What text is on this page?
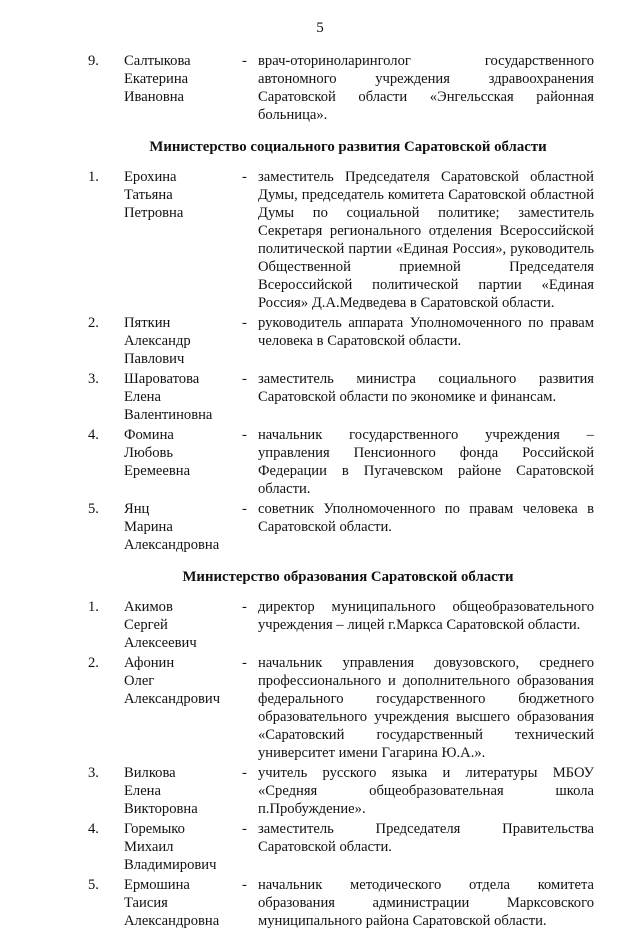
5
9.	Салтыкова
Екатерина
Ивановна
- врач-оториноларинголог государственного автономного учреждения здравоохранения Саратовской области «Энгельсская районная больница».
Министерство социального развития Саратовской области
1.	Ерохина
Татьяна
Петровна
- заместитель Председателя Саратовской областной Думы, председатель комитета Саратовской областной Думы по социальной политике; заместитель Секретаря регионального отделения Всероссийской политической партии «Единая Россия», руководитель Общественной приемной Председателя Всероссийской политической партии «Единая Россия» Д.А.Медведева в Саратовской области.
2.	Пяткин
Александр
Павлович
- руководитель аппарата Уполномоченного по правам человека в Саратовской области.
3.	Шароватова
Елена
Валентиновна
- заместитель министра социального развития Саратовской области по экономике и финансам.
4.	Фомина
Любовь
Еремеевна
- начальник государственного учреждения – управления Пенсионного фонда Российской Федерации в Пугачевском районе Саратовской области.
5.	Янц
Марина
Александровна
- советник Уполномоченного по правам человека в Саратовской области.
Министерство образования Саратовской области
1.	Акимов
Сергей
Алексеевич
- директор муниципального общеобразовательного учреждения – лицей г.Маркса Саратовской области.
2.	Афонин
Олег
Александрович
- начальник управления довузовского, среднего профессионального и дополнительного образования федерального государственного бюджетного образовательного учреждения высшего образования «Саратовский государственный технический университет имени Гагарина Ю.А.».
3.	Вилкова
Елена
Викторовна
- учитель русского языка и литературы МБОУ «Средняя общеобразовательная школа п.Пробуждение».
4.	Горемыко
Михаил
Владимирович
- заместитель Председателя Правительства Саратовской области.
5.	Ермошина
Таисия
Александровна
- начальник методического отдела комитета образования администрации Марксовского муниципального района Саратовской области.
